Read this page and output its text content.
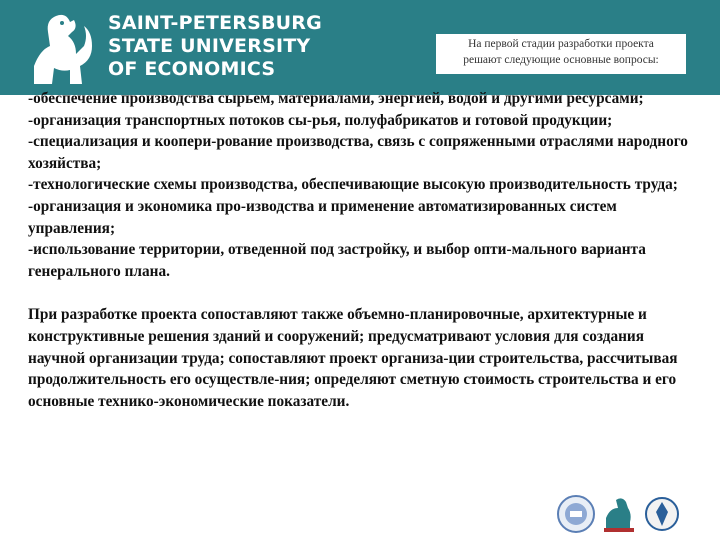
SAINT-PETERSBURG
STATE UNIVERSITY
OF ECONOMICS
На первой стадии разработки проекта
решают следующие основные вопросы:
-обеспечение производства сырьем, материалами, энергией, водой и другими ресурсами;
-организация транспортных потоков сы-рья, полуфабрикатов и готовой продукции;
-специализация и коопери-рование производства, связь с сопряженными отраслями народного хозяйства;
-технологические схемы производства, обеспечивающие высокую производительность труда;
-организация и экономика про-изводства и применение автоматизированных систем управления;
-использование территории, отведенной под застройку, и выбор опти-мального варианта генерального плана.

При разработке проекта сопоставляют также объемно-планировочные, архитектурные и конструктивные решения зданий и сооружений; предусматривают условия для создания научной организации труда; сопоставляют проект организа-ции строительства, рассчитывая продолжительность его осуществле-ния; определяют сметную стоимость строительства и его основные технико-экономические показатели.
